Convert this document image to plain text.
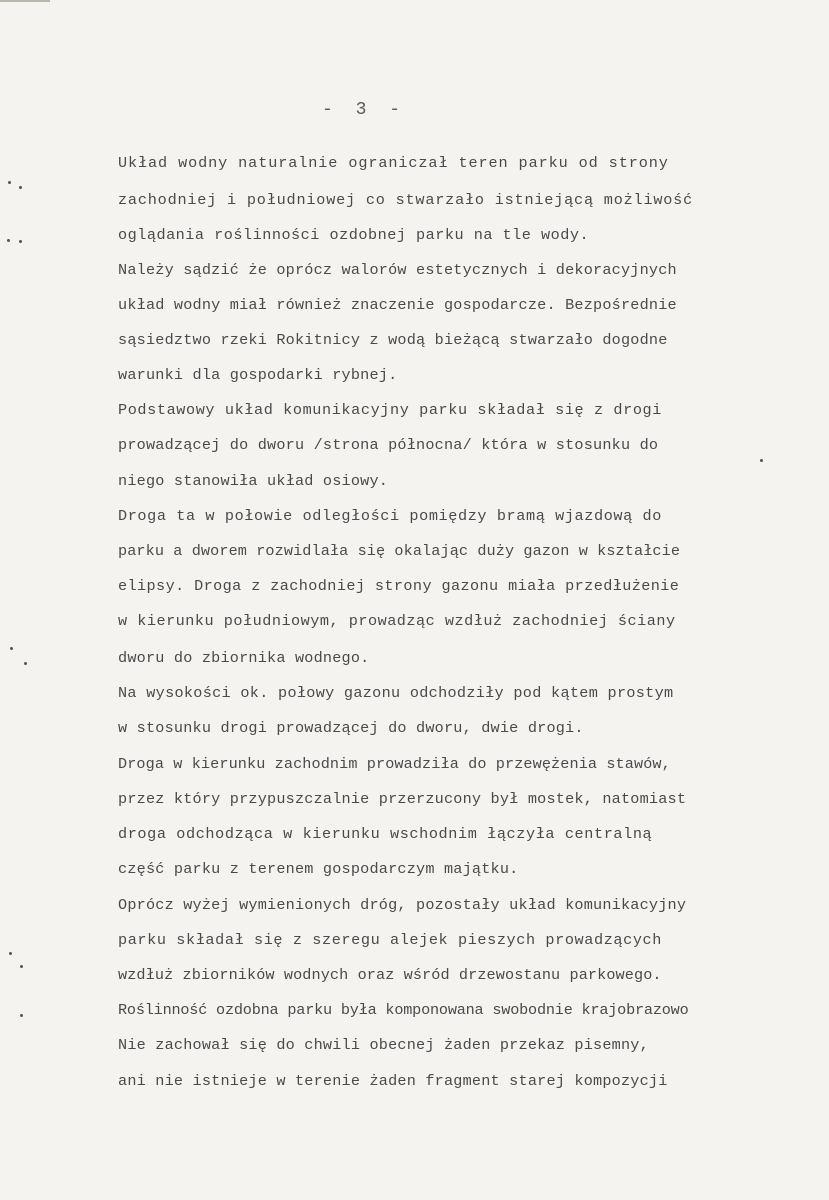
- 3 -
Układ wodny naturalnie ograniczał teren parku od strony
zachodniej i południowej co stwarzało istniejącą możliwość
oglądania roślinności ozdobnej parku na tle wody.
Należy sądzić że oprócz walorów estetycznych i dekoracyjnych
układ wodny miał również znaczenie gospodarcze. Bezpośrednie
sąsiedztwo rzeki Rokitnicy z wodą bieżącą stwarzało dogodne
warunki dla gospodarki rybnej.
Podstawowy układ komunikacyjny parku składał się z drogi
prowadzącej do dworu /strona północna/ która w stosunku do
niego stanowiła układ osiowy.
Droga ta w połowie odległości pomiędzy bramą wjazdową do
parku a dworem rozwidlała się okalając duży gazon w kształcie
elipsy. Droga z zachodniej strony gazonu miała przedłużenie
w kierunku południowym, prowadząc wzdłuż zachodniej ściany
dworu do zbiornika wodnego.
Na wysokości ok. połowy gazonu odchodziły pod kątem prostym
w stosunku drogi prowadzącej do dworu, dwie drogi.
Droga w kierunku zachodnim prowadziła do przewężenia stawów,
przez który przypuszczalnie przerzucony był mostek, natomiast
droga odchodząca w kierunku wschodnim łączyła centralną
część parku z terenem gospodarczym majątku.
Oprócz wyżej wymienionych dróg, pozostały układ komunikacyjny
parku składał się z szeregu alejek pieszych prowadzących
wzdłuż zbiorników wodnych oraz wśród drzewostanu parkowego.
Roślinność ozdobna parku była komponowana swobodnie krajobrazowo
Nie zachował się do chwili obecnej żaden przekaz pisemny,
ani nie istnieje w terenie żaden fragment starej kompozycji
